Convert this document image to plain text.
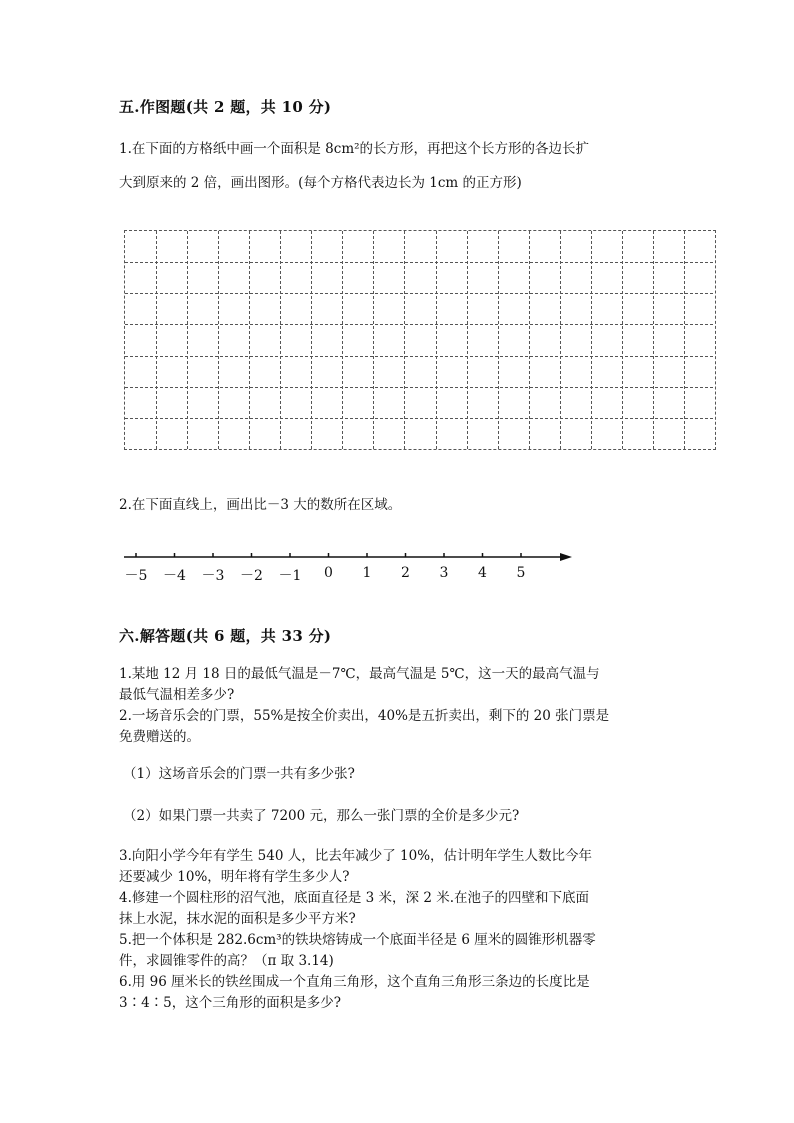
五.作图题(共 2 题，共 10 分)
1.在下面的方格纸中画一个面积是 8cm²的长方形，再把这个长方形的各边长扩
大到原来的 2 倍，画出图形。(每个方格代表边长为 1cm 的正方形)
2.在下面直线上，画出比－3 大的数所在区域。
－5 －4 －3 －2 －1 0 1 2 3 4 5
六.解答题(共 6 题，共 33 分)
1.某地 12 月 18 日的最低气温是－7℃，最高气温是 5℃，这一天的最高气温与
最低气温相差多少?
2.一场音乐会的门票，55%是按全价卖出，40%是五折卖出，剩下的 20 张门票是
免费赠送的。
（1）这场音乐会的门票一共有多少张?
（2）如果门票一共卖了 7200 元，那么一张门票的全价是多少元?
3.向阳小学今年有学生 540 人，比去年减少了 10%，估计明年学生人数比今年
还要减少 10%，明年将有学生多少人?
4.修建一个圆柱形的沼气池，底面直径是 3 米，深 2 米.在池子的四壁和下底面
抹上水泥，抹水泥的面积是多少平方米?
5.把一个体积是 282.6cm³的铁块熔铸成一个底面半径是 6 厘米的圆锥形机器零
件，求圆锥零件的高？（π 取 3.14)
6.用 96 厘米长的铁丝围成一个直角三角形，这个直角三角形三条边的长度比是
3∶4∶5，这个三角形的面积是多少?
